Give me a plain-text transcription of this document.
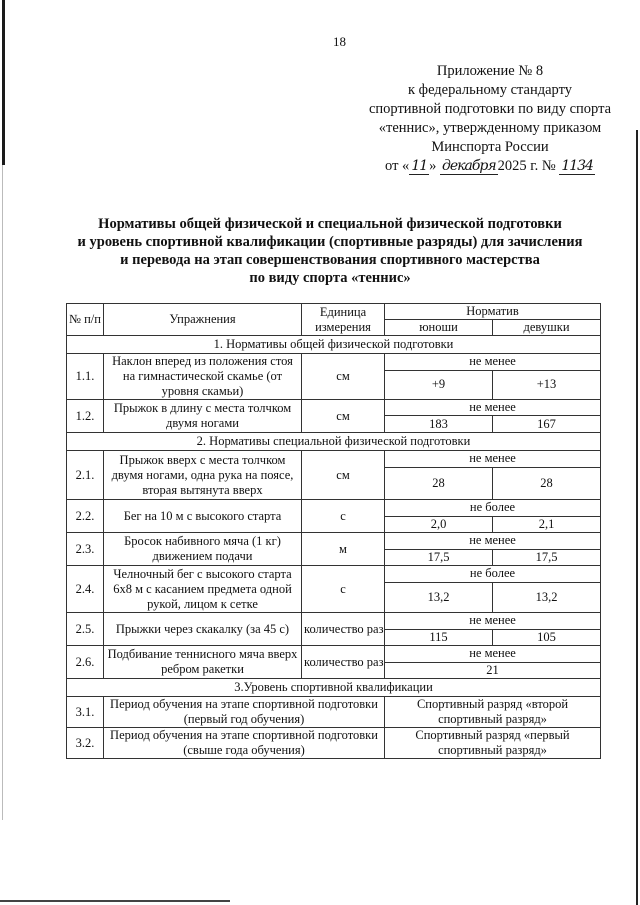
18
Приложение № 8
к федеральному стандарту
спортивной подготовки по виду спорта
«теннис», утвержденному приказом
Минспорта России
от « 11 » декабря 2025 г. № 1134
Нормативы общей физической и специальной физической подготовки
и уровень спортивной квалификации (спортивные разряды) для зачисления
и перевода на этап совершенствования спортивного мастерства
по виду спорта «теннис»
№ п/п	Упражнения	Единица измерения	Норматив	
			юноши	девушки
1. Нормативы общей физической подготовки				
1.1.	Наклон вперед из положения стоя на гимнастической скамье (от уровня скамьи)	см	не менее	
			+9	+13
1.2.	Прыжок в длину с места толчком двумя ногами	см	не менее	
			183	167
2. Нормативы специальной физической подготовки				
2.1.	Прыжок вверх с места толчком двумя ногами, одна рука на поясе, вторая вытянута вверх	см	не менее	
			28	28
2.2.	Бег на 10 м с высокого старта	с	не более	
			2,0	2,1
2.3.	Бросок набивного мяча (1 кг) движением подачи	м	не менее	
			17,5	17,5
2.4.	Челночный бег с высокого старта 6х8 м с касанием предмета одной рукой, лицом к сетке	с	не более	
			13,2	13,2
2.5.	Прыжки через скакалку (за 45 с)	количество раз	не менее	
			115	105
2.6.	Подбивание теннисного мяча вверх ребром ракетки	количество раз	не менее	
			21	
3.Уровень спортивной квалификации				
3.1.	Период обучения на этапе спортивной подготовки (первый год обучения)		Спортивный разряд «второй спортивный разряд»	
3.2.	Период обучения на этапе спортивной подготовки (свыше года обучения)		Спортивный разряд «первый спортивный разряд»	
